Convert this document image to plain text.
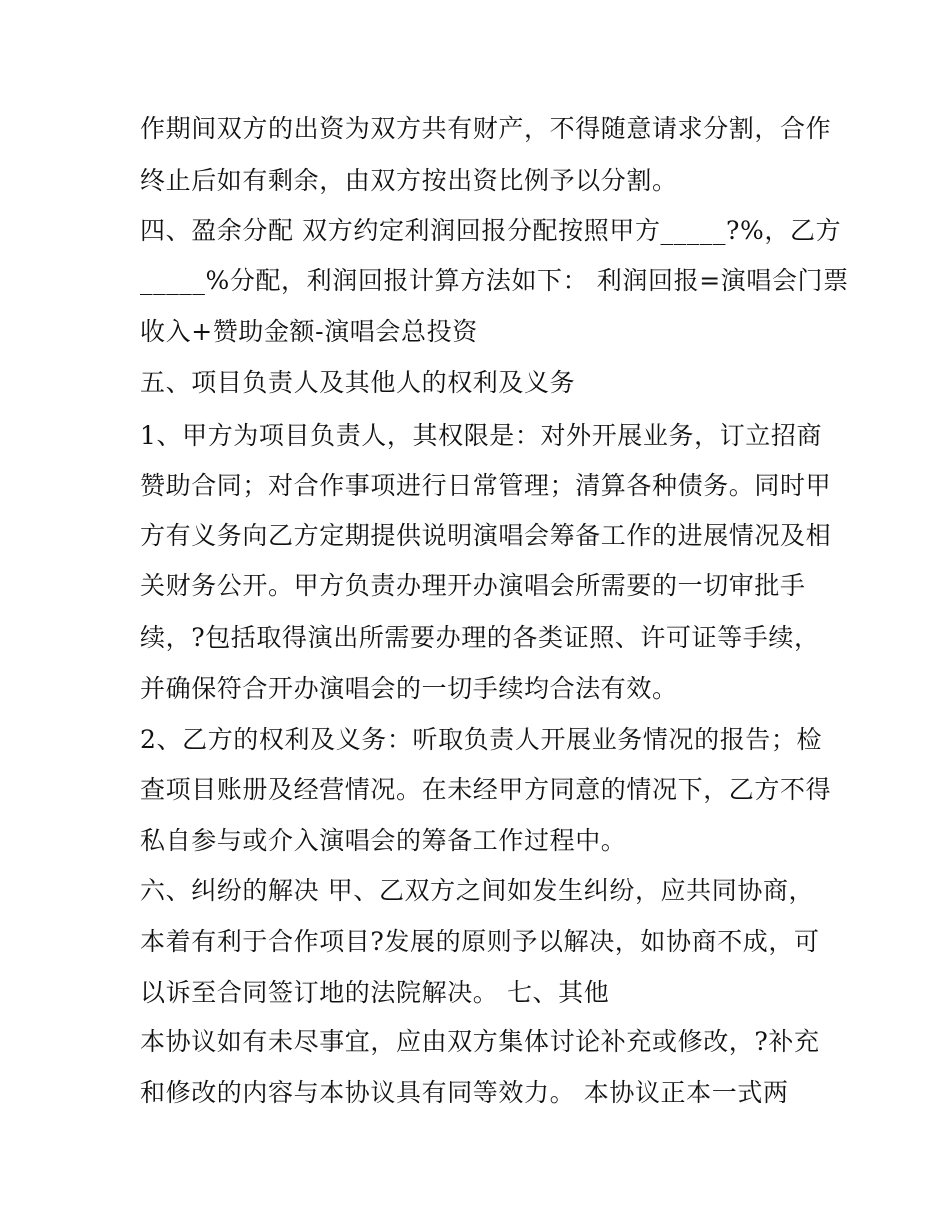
作期间双方的出资为双方共有财产，不得随意请求分割，合作
终止后如有剩余，由双方按出资比例予以分割。
四、盈余分配 双方约定利润回报分配按照甲方_____?%，乙方
_____%分配，利润回报计算方法如下： 利润回报=演唱会门票
收入+赞助金额-演唱会总投资
五、项目负责人及其他人的权利及义务
1、甲方为项目负责人，其权限是：对外开展业务，订立招商
赞助合同；对合作事项进行日常管理；清算各种债务。同时甲
方有义务向乙方定期提供说明演唱会筹备工作的进展情况及相
关财务公开。甲方负责办理开办演唱会所需要的一切审批手
续，?包括取得演出所需要办理的各类证照、许可证等手续，
并确保符合开办演唱会的一切手续均合法有效。
2、乙方的权利及义务：听取负责人开展业务情况的报告；检
查项目账册及经营情况。在未经甲方同意的情况下，乙方不得
私自参与或介入演唱会的筹备工作过程中。
六、纠纷的解决 甲、乙双方之间如发生纠纷，应共同协商，
本着有利于合作项目?发展的原则予以解决，如协商不成，可
以诉至合同签订地的法院解决。 七、其他
本协议如有未尽事宜，应由双方集体讨论补充或修改，?补充
和修改的内容与本协议具有同等效力。 本协议正本一式两
